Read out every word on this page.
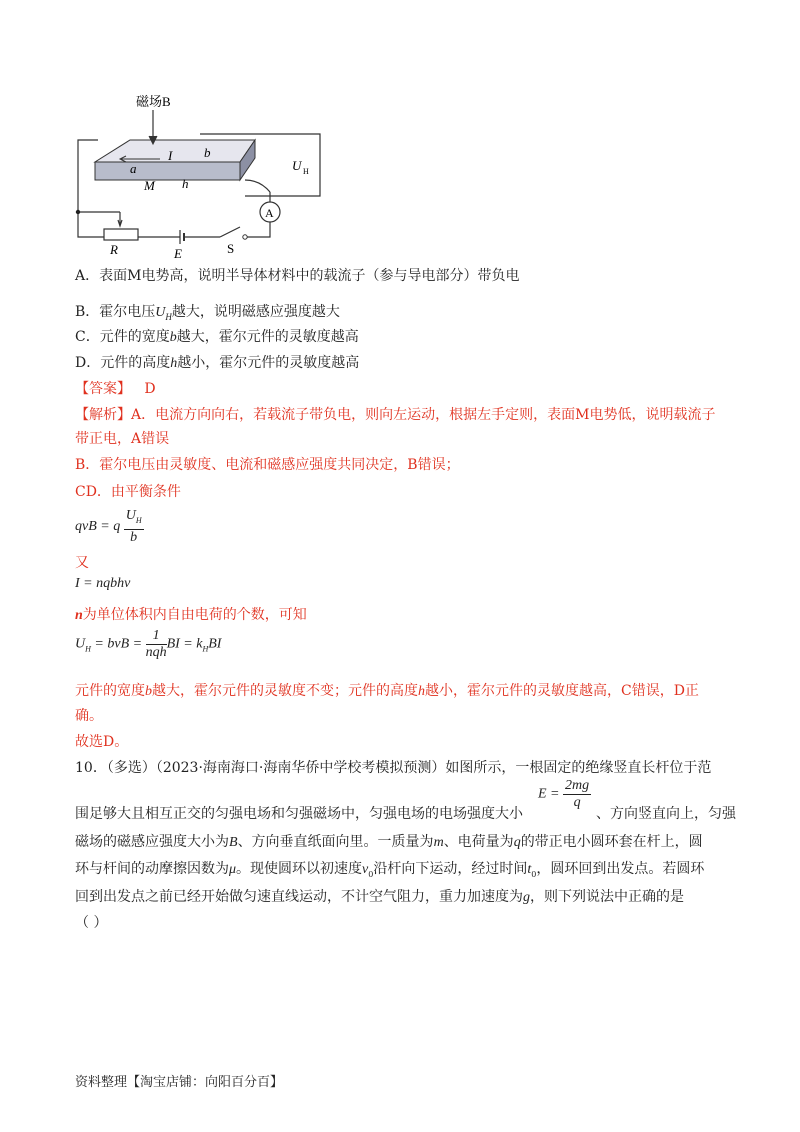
磁场B
I
a
b
M h
U H
A
R	E	S
A．表面M电势高，说明半导体材料中的载流子（参与导电部分）带负电
B．霍尔电压$U_H$越大，说明磁感应强度越大
C．元件的宽度b越大，霍尔元件的灵敏度越高
D．元件的高度h越小，霍尔元件的灵敏度越高
【答案】 D
【解析】A．电流方向向右，若载流子带负电，则向左运动，根据左手定则，表面M电势低，说明载流子
带正电，A错误
B．霍尔电压由灵敏度、电流和磁感应强度共同决定，B错误；
CD．由平衡条件
qvB = q $\frac{U_H}{b}$
又
I = nqbhv
n为单位体积内自由电荷的个数，可知
$U_H$ = bvB = $\frac{1}{\text{nqh}}$ BI = $k_HBI$
元件的宽度b越大，霍尔元件的灵敏度不变；元件的高度h越小，霍尔元件的灵敏度越高，C错误，D正
确。
故选D。
10．（多选）（2023·海南海口·海南华侨中学校考模拟预测）如图所示，一根固定的绝缘竖直长杆位于范
$E = \frac{2mg}{q}$
围足够大且相互正交的匀强电场和匀强磁场中，匀强电场的电场强度大小	、方向竖直向上，匀强
磁场的磁感应强度大小为B、方向垂直纸面向里。一质量为m、电荷量为q的带正电小圆环套在杆上，圆
环与杆间的动摩擦因数为μ。现使圆环以初速度$v_0$沿杆向下运动，经过时间$t_0$，圆环回到出发点。若圆环
回到出发点之前已经开始做匀速直线运动，不计空气阻力，重力加速度为g，则下列说法中正确的是
（ ）
资料整理【淘宝店铺：向阳百分百】
